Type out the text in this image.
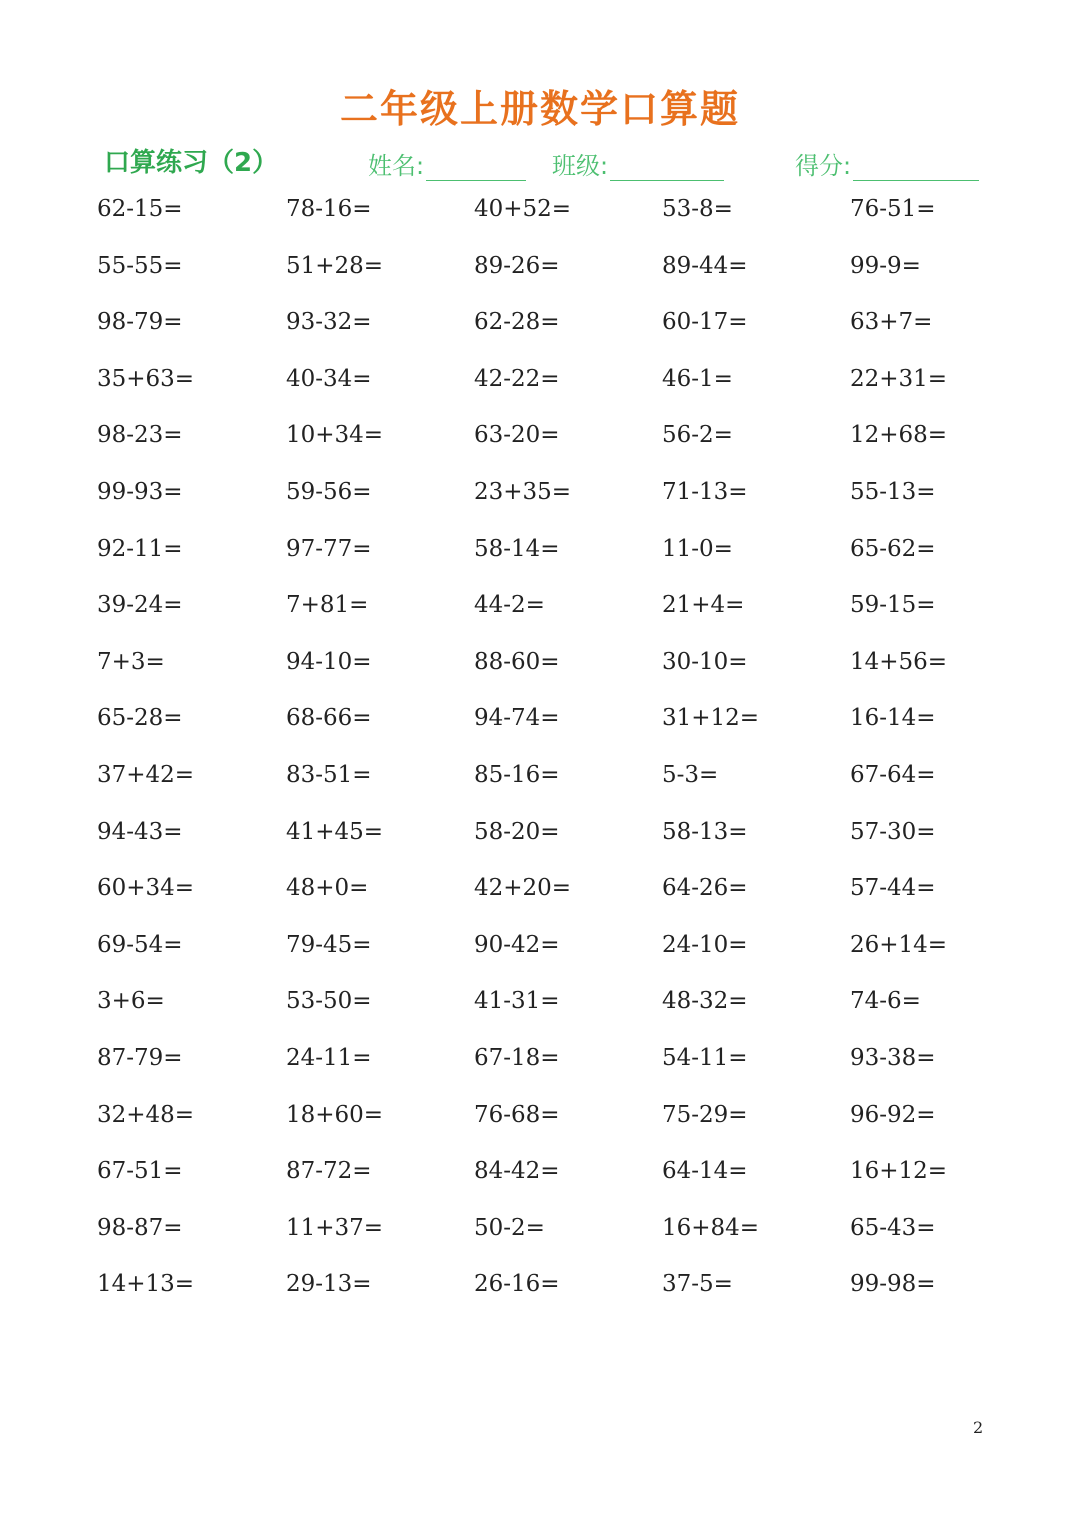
二年级上册数学口算题
口算练习（2）	姓名:	班级:	得分:
62-15=	78-16=	40+52=	53-8=	76-51=
55-55=	51+28=	89-26=	89-44=	99-9=
98-79=	93-32=	62-28=	60-17=	63+7=
35+63=	40-34=	42-22=	46-1=	22+31=
98-23=	10+34=	63-20=	56-2=	12+68=
99-93=	59-56=	23+35=	71-13=	55-13=
92-11=	97-77=	58-14=	11-0=	65-62=
39-24=	7+81=	44-2=	21+4=	59-15=
7+3=	94-10=	88-60=	30-10=	14+56=
65-28=	68-66=	94-74=	31+12=	16-14=
37+42=	83-51=	85-16=	5-3=	67-64=
94-43=	41+45=	58-20=	58-13=	57-30=
60+34=	48+0=	42+20=	64-26=	57-44=
69-54=	79-45=	90-42=	24-10=	26+14=
3+6=	53-50=	41-31=	48-32=	74-6=
87-79=	24-11=	67-18=	54-11=	93-38=
32+48=	18+60=	76-68=	75-29=	96-92=
67-51=	87-72=	84-42=	64-14=	16+12=
98-87=	11+37=	50-2=	16+84=	65-43=
14+13=	29-13=	26-16=	37-5=	99-98=
2
